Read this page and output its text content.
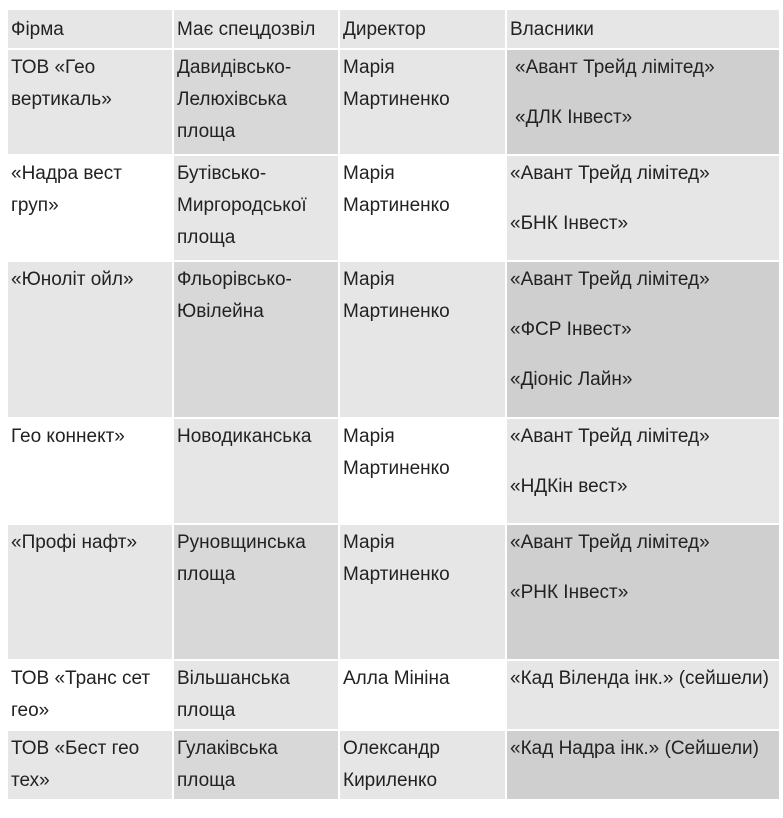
Фірма	Має спецдозвіл	Директор	Власники
ТОВ «Гео вертикаль»	Давидівсько-Лелюхівська площа	Марія Мартиненко	«Авант Трейд лімітед»
«ДЛК Інвест»

«Надра вест груп»	Бутівсько-Миргородської площа	Марія Мартиненко	«Авант Трейд лімітед»
«БНК Інвест»

«Юноліт ойл»	Фльорівсько-Ювілейна	Марія Мартиненко	«Авант Трейд лімітед»
«ФСР Інвест»
«Діоніс Лайн»

Гео коннект»	Новодиканська	Марія Мартиненко	«Авант Трейд лімітед»
«НДКін вест»

«Профі нафт»	Руновщинська площа	Марія Мартиненко	«Авант Трейд лімітед»
«РНК Інвест»

ТОВ «Транс сет гео»	Вільшанська площа	Алла Мініна	«Кад Віленда інк.» (сейшели)

ТОВ «Бест гео тех»	Гулаківська площа	Олександр Кириленко	«Кад Надра інк.» (Сейшели)
